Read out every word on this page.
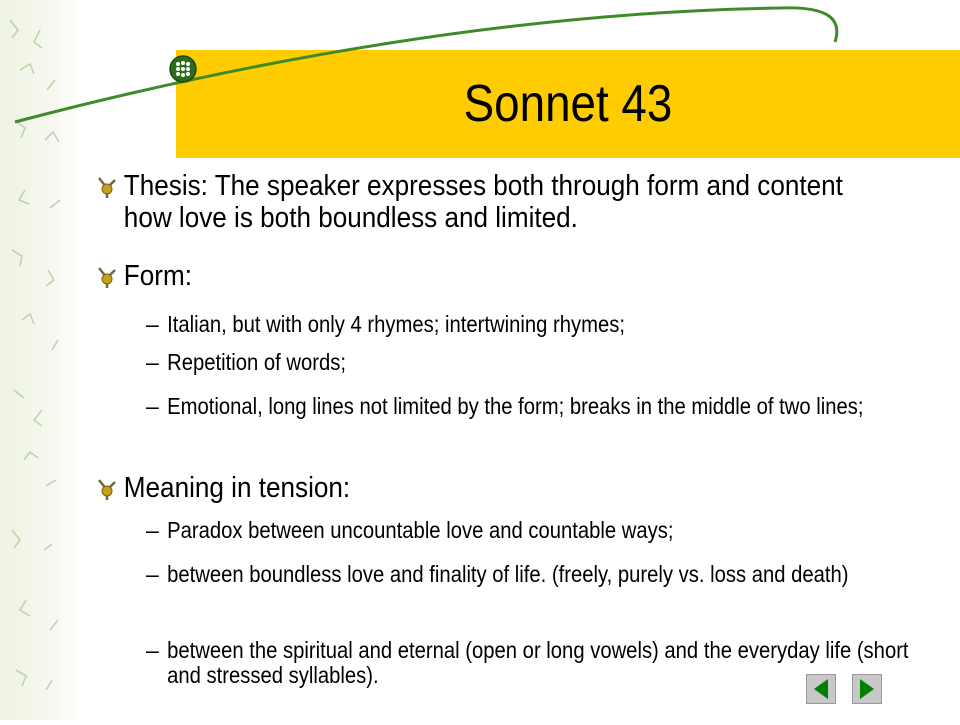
Sonnet 43
Thesis: The speaker expresses both through form and content how love is both boundless and limited.
Form:
– Italian, but with only 4 rhymes; intertwining rhymes;
– Repetition of words;
– Emotional, long lines not limited by the form; breaks in the middle of two lines;
Meaning in tension:
– Paradox between uncountable love and countable ways;
– between boundless love and finality of life. (freely, purely vs. loss and death)
– between the spiritual and eternal (open or long vowels) and the everyday life (short and stressed syllables).
